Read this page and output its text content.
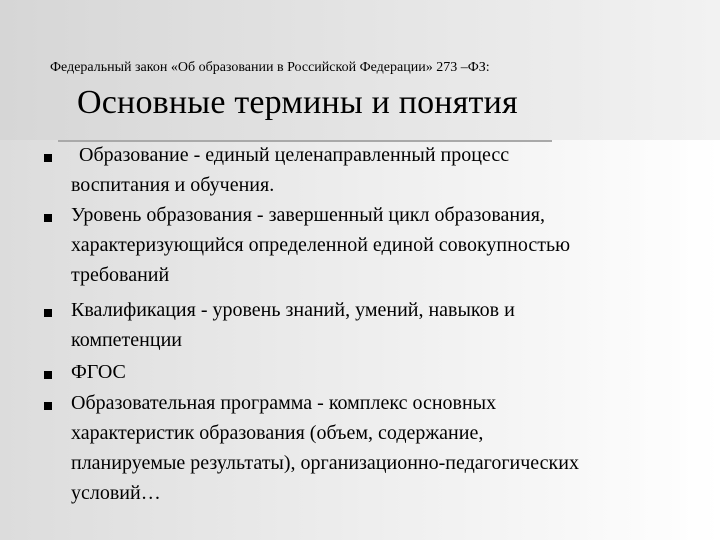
Федеральный закон «Об образовании в Российской Федерации» 273 –ФЗ:
Основные термины и понятия
Образование - единый целенаправленный процесс
воспитания и обучения.
Уровень образования - завершенный цикл образования,
характеризующийся определенной единой совокупностью
требований
Квалификация - уровень знаний, умений, навыков и
компетенции
ФГОС
Образовательная программа - комплекс основных
характеристик образования (объем, содержание,
планируемые результаты), организационно-педагогических
условий…
